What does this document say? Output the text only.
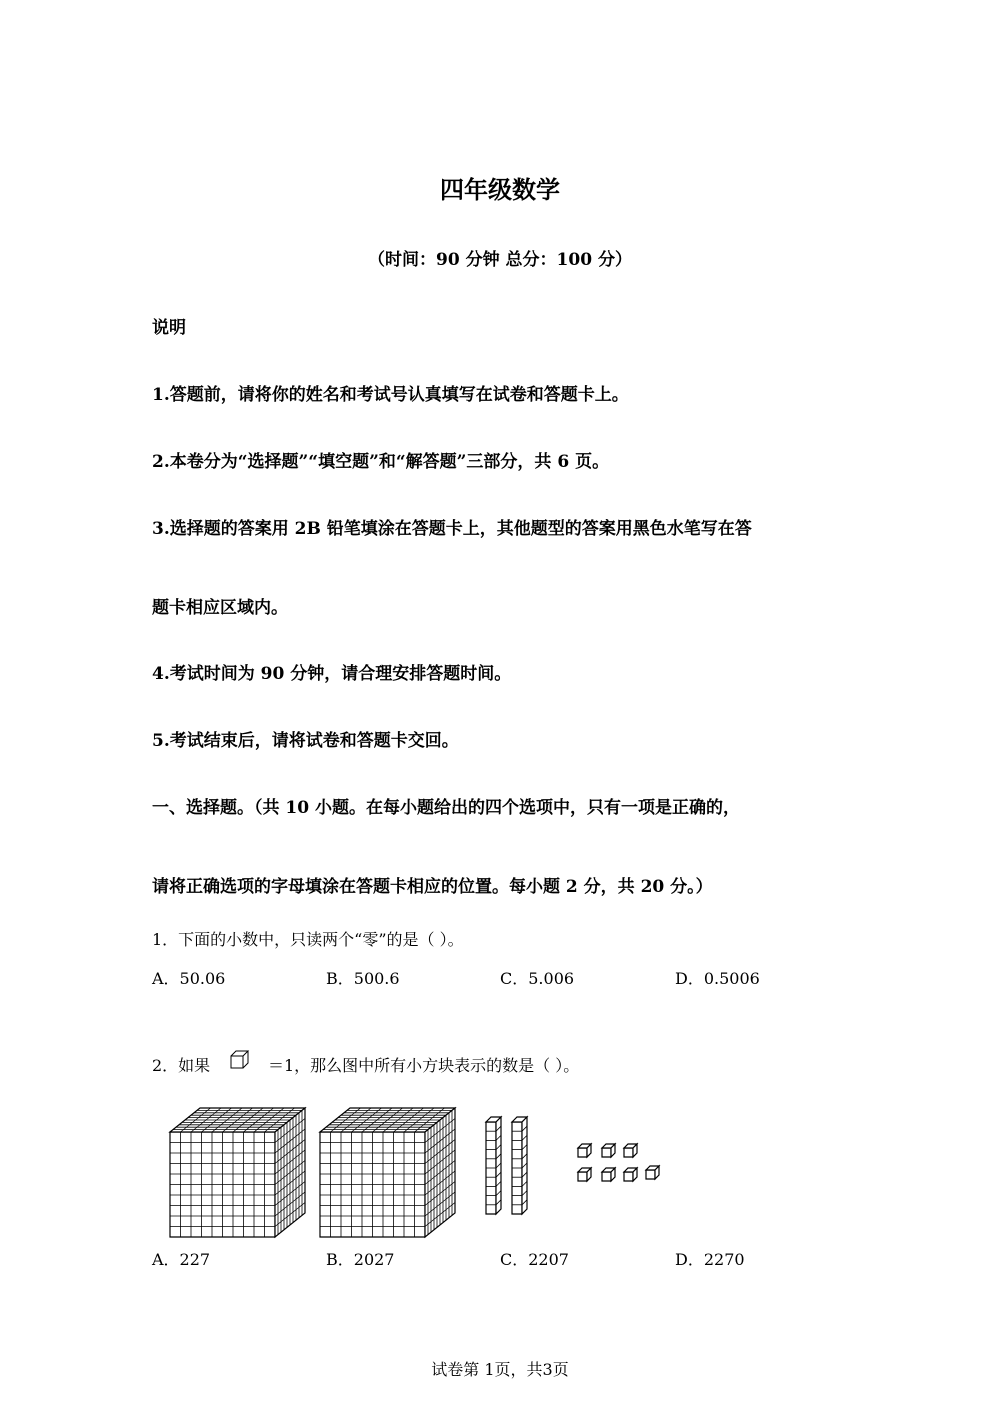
四年级数学
（时间：90 分钟 总分：100 分）
说明
1.答题前，请将你的姓名和考试号认真填写在试卷和答题卡上。
2.本卷分为“选择题”“填空题”和“解答题”三部分，共 6 页。
3.选择题的答案用 2B 铅笔填涂在答题卡上，其他题型的答案用黑色水笔写在答
题卡相应区域内。
4.考试时间为 90 分钟，请合理安排答题时间。
5.考试结束后，请将试卷和答题卡交回。
一、选择题。（共 10 小题。在每小题给出的四个选项中，只有一项是正确的，
请将正确选项的字母填涂在答题卡相应的位置。每小题 2 分，共 20 分。）
1．下面的小数中，只读两个“零”的是（ ）。
A．50.06	B．500.6	C．5.006	D．0.5006
2．如果	＝1，那么图中所有小方块表示的数是（ ）。
A．227	B．2027	C．2207	D．2270
试卷第 1页，共3页
